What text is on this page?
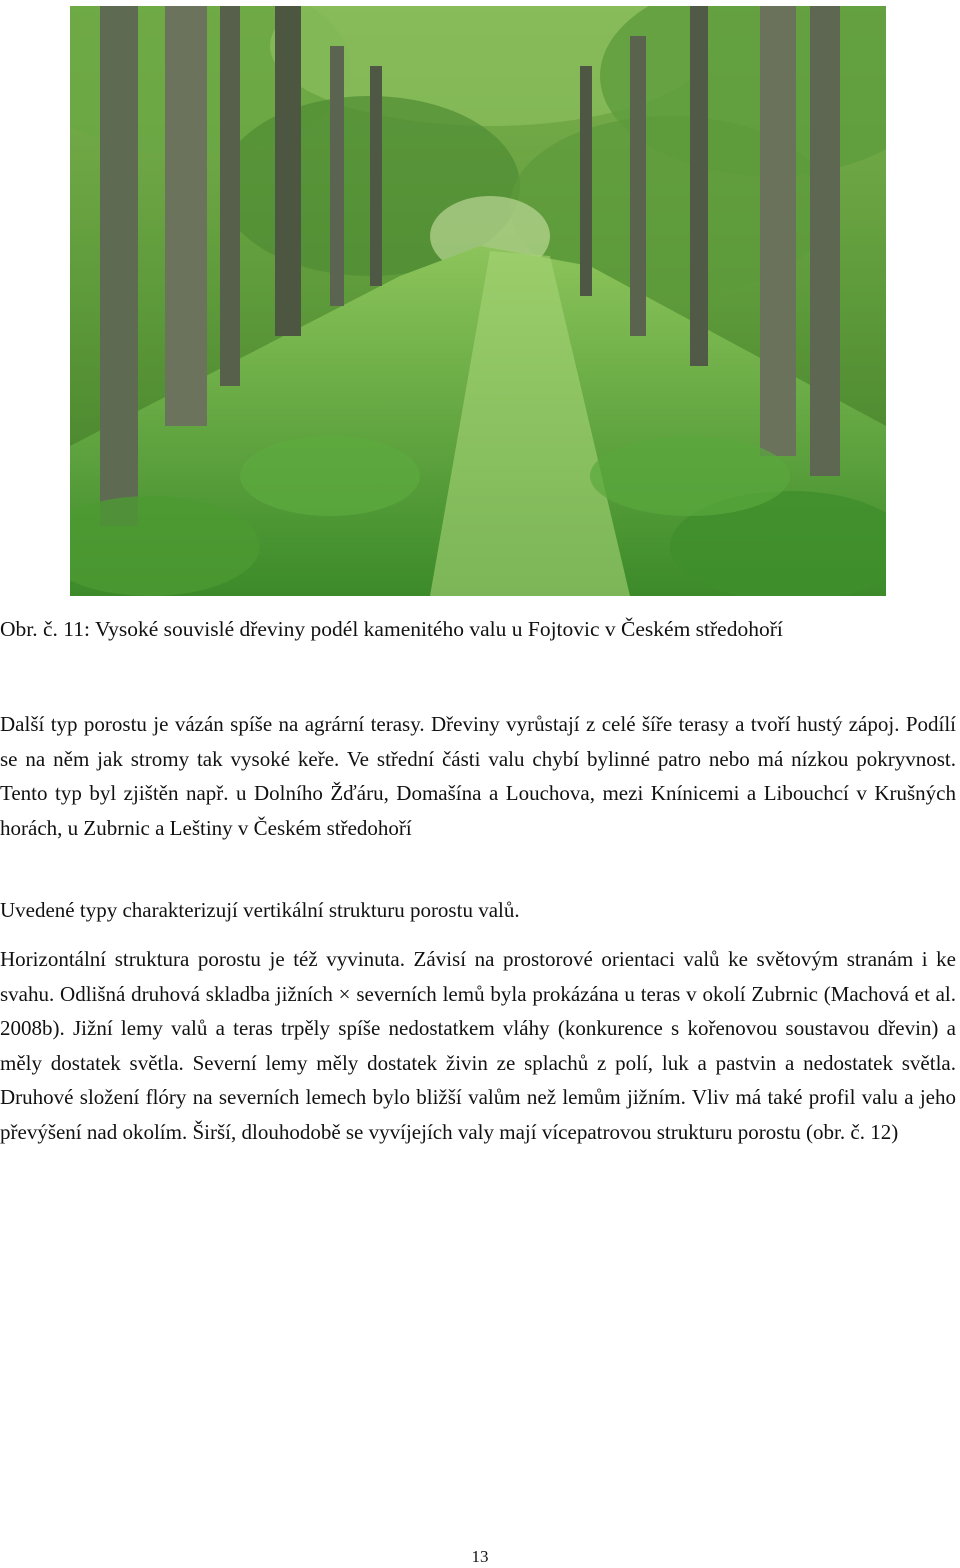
Obr. č. 11: Vysoké souvislé dřeviny podél kamenitého valu u Fojtovic v Českém středohoří

Další typ porostu je vázán spíše na agrární terasy. Dřeviny vyrůstají z celé šíře terasy a tvoří hustý zápoj. Podílí se na něm jak stromy tak vysoké keře. Ve střední části valu chybí bylinné patro nebo má nízkou pokryvnost. Tento typ byl zjištěn např. u Dolního Žďáru, Domašína a Louchova, mezi Knínicemi a Libouchcí v Krušných horách, u Zubrnic a Leštiny v Českém středohoří

Uvedené typy charakterizují vertikální strukturu porostu valů.

Horizontální struktura porostu je též vyvinuta. Závisí na prostorové orientaci valů ke světovým stranám i ke svahu. Odlišná druhová skladba jižních × severních lemů byla prokázána u teras v okolí Zubrnic (Machová et al. 2008b). Jižní lemy valů a teras trpěly spíše nedostatkem vláhy (konkurence s kořenovou soustavou dřevin) a měly dostatek světla. Severní lemy měly dostatek živin ze splachů z polí, luk a pastvin a nedostatek světla. Druhové složení flóry na severních lemech bylo bližší valům než lemům jižním. Vliv má také profil valu a jeho převýšení nad okolím. Širší, dlouhodobě se vyvíjejích valy mají vícepatrovou strukturu porostu (obr. č. 12)

13
